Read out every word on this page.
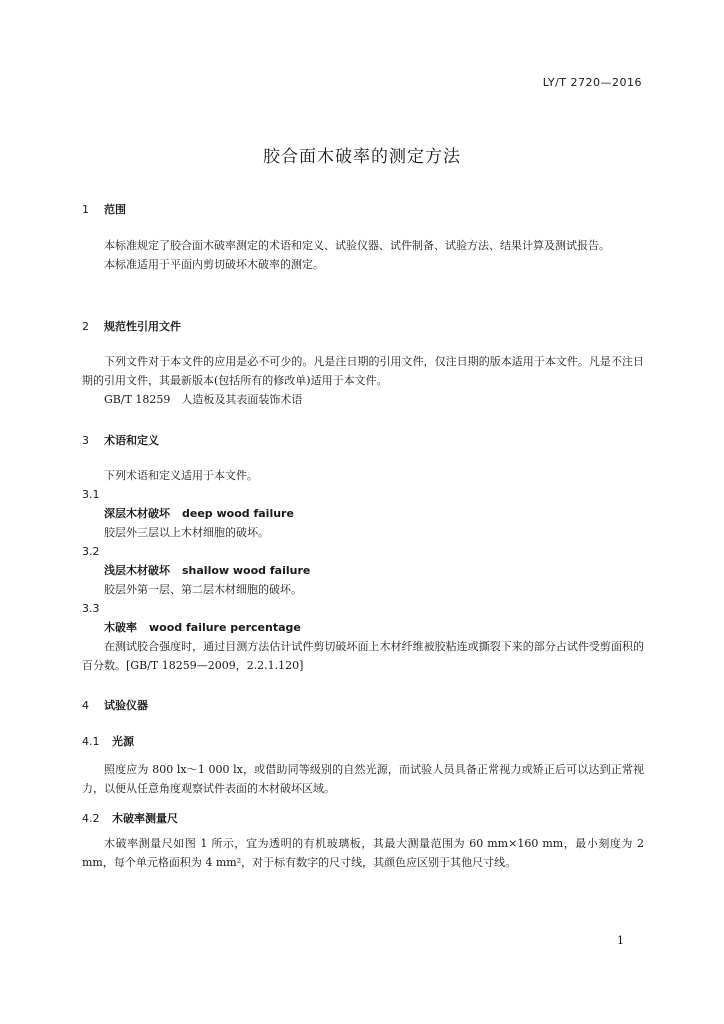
LY/T 2720—2016
胶合面木破率的测定方法
1 范围
本标准规定了胶合面木破率测定的术语和定义、试验仪器、试件制备、试验方法、结果计算及测试报告。
本标准适用于平面内剪切破坏木破率的测定。
2 规范性引用文件
下列文件对于本文件的应用是必不可少的。凡是注日期的引用文件，仅注日期的版本适用于本文件。凡是不注日期的引用文件，其最新版本(包括所有的修改单)适用于本文件。
GB/T 18259　人造板及其表面装饰术语
3 术语和定义
下列术语和定义适用于本文件。
3.1
深层木材破坏 deep wood failure
胶层外三层以上木材细胞的破坏。
3.2
浅层木材破坏 shallow wood failure
胶层外第一层、第二层木材细胞的破坏。
3.3
木破率 wood failure percentage
在测试胶合强度时，通过目测方法估计试件剪切破坏面上木材纤维被胶粘连或撕裂下来的部分占试件受剪面积的百分数。[GB/T 18259—2009，2.2.1.120]
4 试验仪器
4.1 光源
照度应为 800 lx～1 000 lx，或借助同等级别的自然光源，而试验人员具备正常视力或矫正后可以达到正常视力，以便从任意角度观察试件表面的木材破坏区域。
4.2 木破率测量尺
木破率测量尺如图 1 所示，宜为透明的有机玻璃板，其最大测量范围为 60 mm×160 mm，最小刻度为 2 mm，每个单元格面积为 4 mm²，对于标有数字的尺寸线，其颜色应区别于其他尺寸线。
1
